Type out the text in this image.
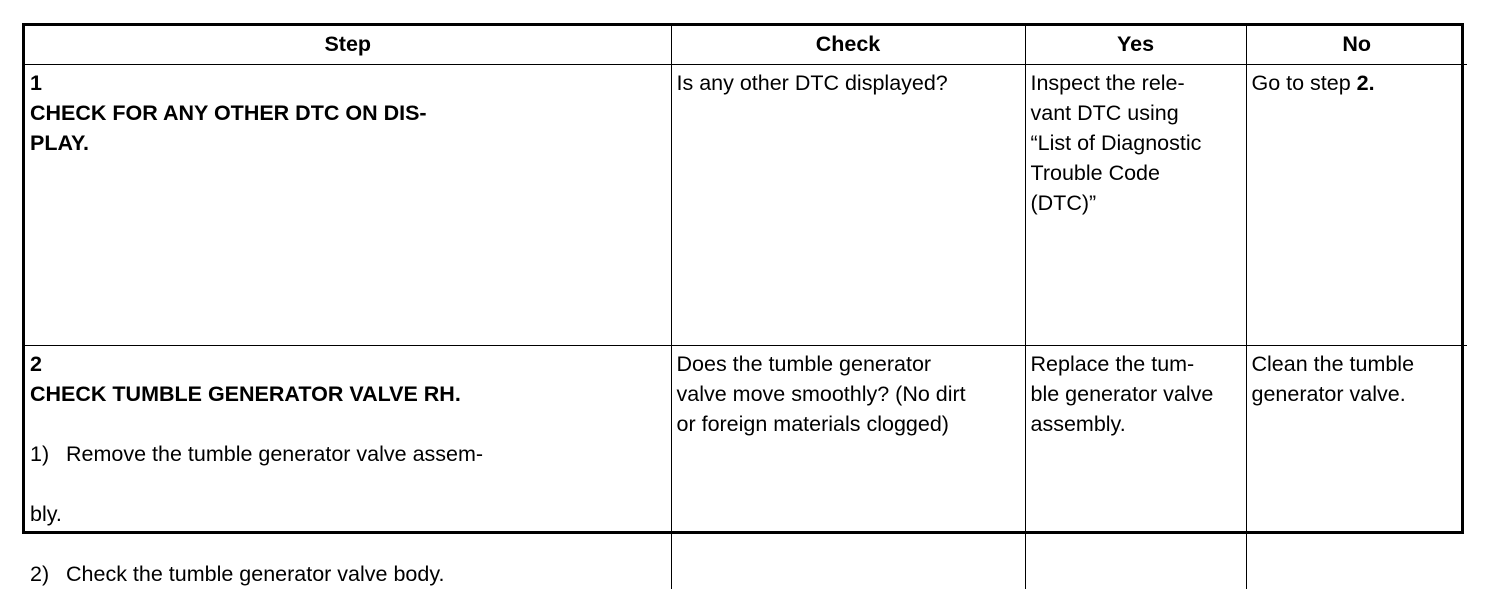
Step	Check	Yes	No
1CHECK FOR ANY OTHER DTC ON DIS-
PLAY.	Is any other DTC displayed?	Inspect the rele-
vant DTC using
“List of Diagnostic
Trouble Code
(DTC)”	Go to step 2.
2CHECK TUMBLE GENERATOR VALVE RH.
1) Remove the tumble generator valve assem-
bly.
2) Check the tumble generator valve body.	Does the tumble generator
valve move smoothly? (No dirt
or foreign materials clogged)	Replace the tum-
ble generator valve
assembly.	Clean the tumble
generator valve.
